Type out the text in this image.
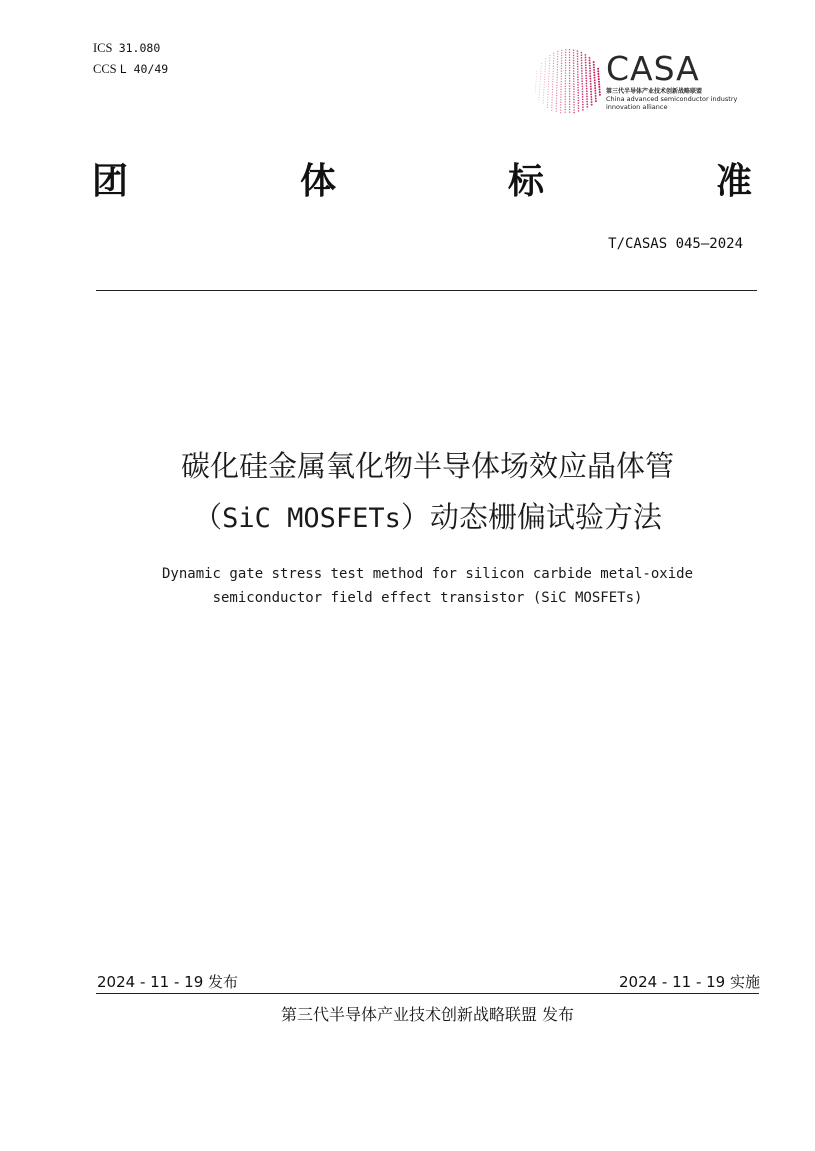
ICS 31.080
CCS L 40/49	CASA
第三代半导体产业技术创新战略联盟
China advanced semiconductor industry
innovation alliance
团	体	标	准
T/CASAS 045—2024
碳化硅金属氧化物半导体场效应晶体管
（SiC MOSFETs）动态栅偏试验方法
Dynamic gate stress test method for silicon carbide metal-oxide
semiconductor field effect transistor (SiC MOSFETs)
2024 - 11 - 19 发布	2024 - 11 - 19 实施
第三代半导体产业技术创新战略联盟 发布
